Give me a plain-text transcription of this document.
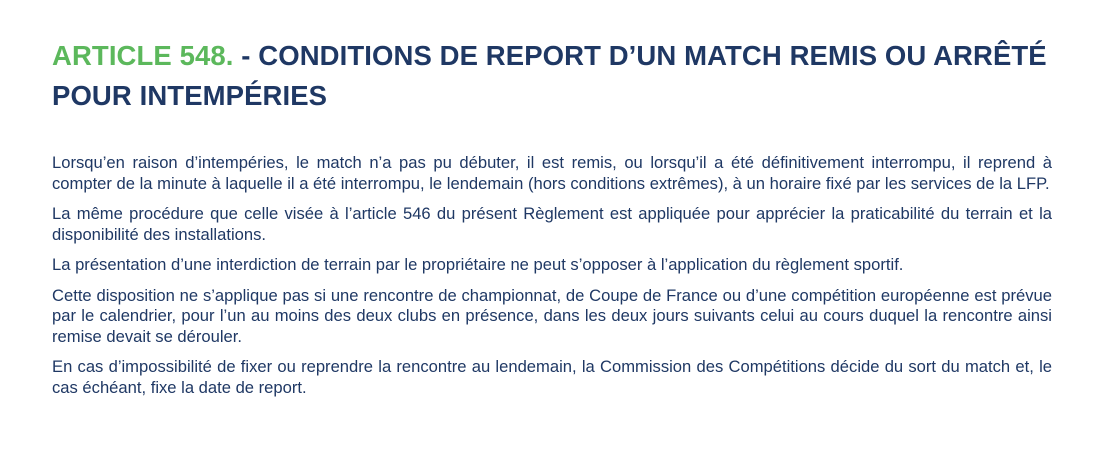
ARTICLE 548. - CONDITIONS DE REPORT D’UN MATCH REMIS OU ARRÊTÉ POUR INTEMPÉRIES

Lorsqu’en raison d’intempéries, le match n’a pas pu débuter, il est remis, ou lorsqu’il a été définitivement interrompu, il reprend à compter de la minute à laquelle il a été interrompu, le lendemain (hors conditions extrêmes), à un horaire fixé par les services de la LFP.

La même procédure que celle visée à l’article 546 du présent Règlement est appliquée pour apprécier la praticabilité du terrain et la disponibilité des installations.

La présentation d’une interdiction de terrain par le propriétaire ne peut s’opposer à l’application du règlement sportif.

Cette disposition ne s’applique pas si une rencontre de championnat, de Coupe de France ou d’une compétition européenne est prévue par le calendrier, pour l’un au moins des deux clubs en présence, dans les deux jours suivants celui au cours duquel la rencontre ainsi remise devait se dérouler.

En cas d’impossibilité de fixer ou reprendre la rencontre au lendemain, la Commission des Compétitions décide du sort du match et, le cas échéant, fixe la date de report.
